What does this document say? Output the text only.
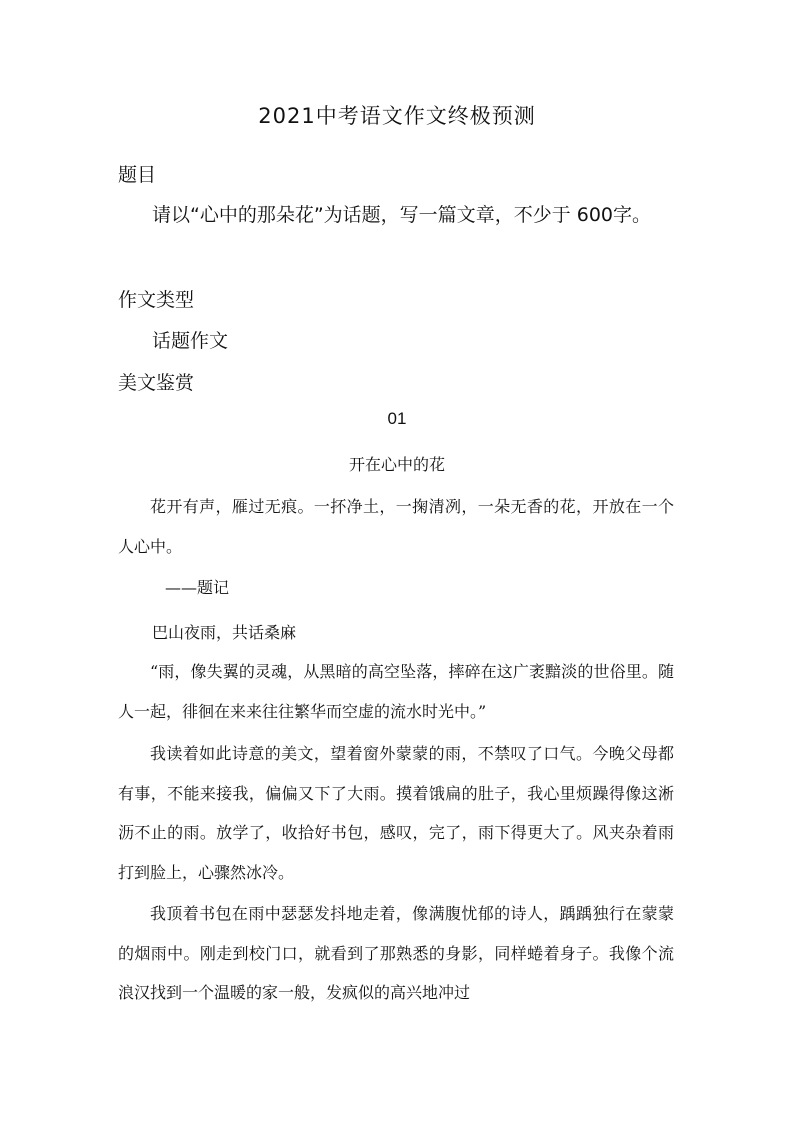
2021中考语文作文终极预测
题目

请以“心中的那朵花”为话题，写一篇文章，不少于 600字。

作文类型
话题作文
美文鉴赏
01
开在心中的花

花开有声，雁过无痕。一抔净土，一掬清冽，一朵无香的花，开放在一个人心中。

——题记
巴山夜雨，共话桑麻

“雨，像失翼的灵魂，从黑暗的高空坠落，摔碎在这广袤黯淡的世俗里。随人一起，徘徊在来来往往繁华而空虚的流水时光中。”

我读着如此诗意的美文，望着窗外蒙蒙的雨，不禁叹了口气。今晚父母都有事，不能来接我，偏偏又下了大雨。摸着饿扁的肚子，我心里烦躁得像这淅沥不止的雨。放学了，收拾好书包，感叹，完了，雨下得更大了。风夹杂着雨打到脸上，心骤然冰冷。

我顶着书包在雨中瑟瑟发抖地走着，像满腹忧郁的诗人，踽踽独行在蒙蒙的烟雨中。刚走到校门口，就看到了那熟悉的身影，同样蜷着身子。我像个流浪汉找到一个温暖的家一般，发疯似的高兴地冲过
